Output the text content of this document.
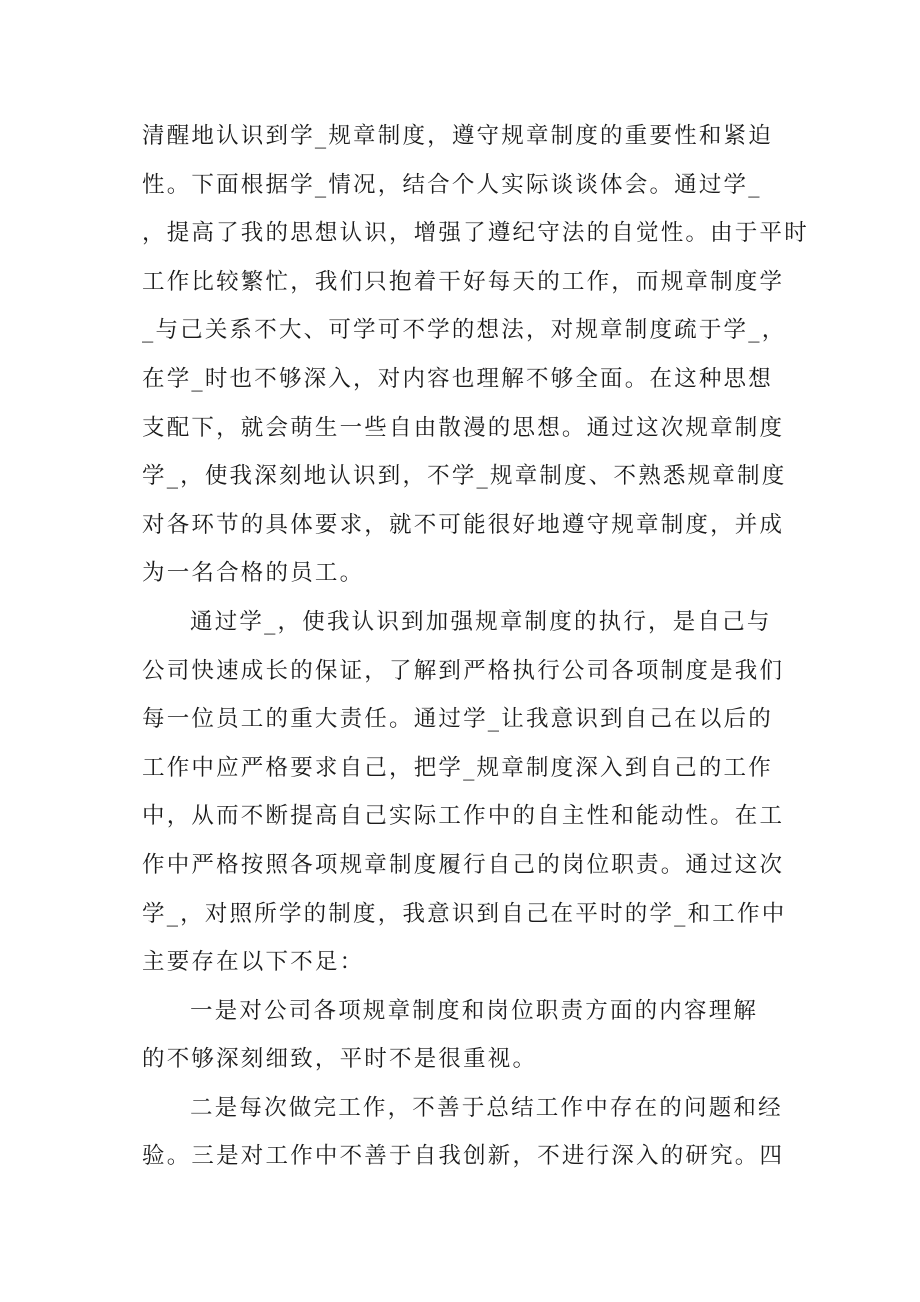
清醒地认识到学_规章制度，遵守规章制度的重要性和紧迫
性。下面根据学_情况，结合个人实际谈谈体会。通过学_
，提高了我的思想认识，增强了遵纪守法的自觉性。由于平时
工作比较繁忙，我们只抱着干好每天的工作，而规章制度学
_与己关系不大、可学可不学的想法，对规章制度疏于学_，
在学_时也不够深入，对内容也理解不够全面。在这种思想
支配下，就会萌生一些自由散漫的思想。通过这次规章制度
学_，使我深刻地认识到，不学_规章制度、不熟悉规章制度
对各环节的具体要求，就不可能很好地遵守规章制度，并成
为一名合格的员工。
通过学_，使我认识到加强规章制度的执行，是自己与
公司快速成长的保证，了解到严格执行公司各项制度是我们
每一位员工的重大责任。通过学_让我意识到自己在以后的
工作中应严格要求自己，把学_规章制度深入到自己的工作
中，从而不断提高自己实际工作中的自主性和能动性。在工
作中严格按照各项规章制度履行自己的岗位职责。通过这次
学_，对照所学的制度，我意识到自己在平时的学_和工作中
主要存在以下不足：
一是对公司各项规章制度和岗位职责方面的内容理解
的不够深刻细致，平时不是很重视。
二是每次做完工作，不善于总结工作中存在的问题和经
验。三是对工作中不善于自我创新，不进行深入的研究。四
